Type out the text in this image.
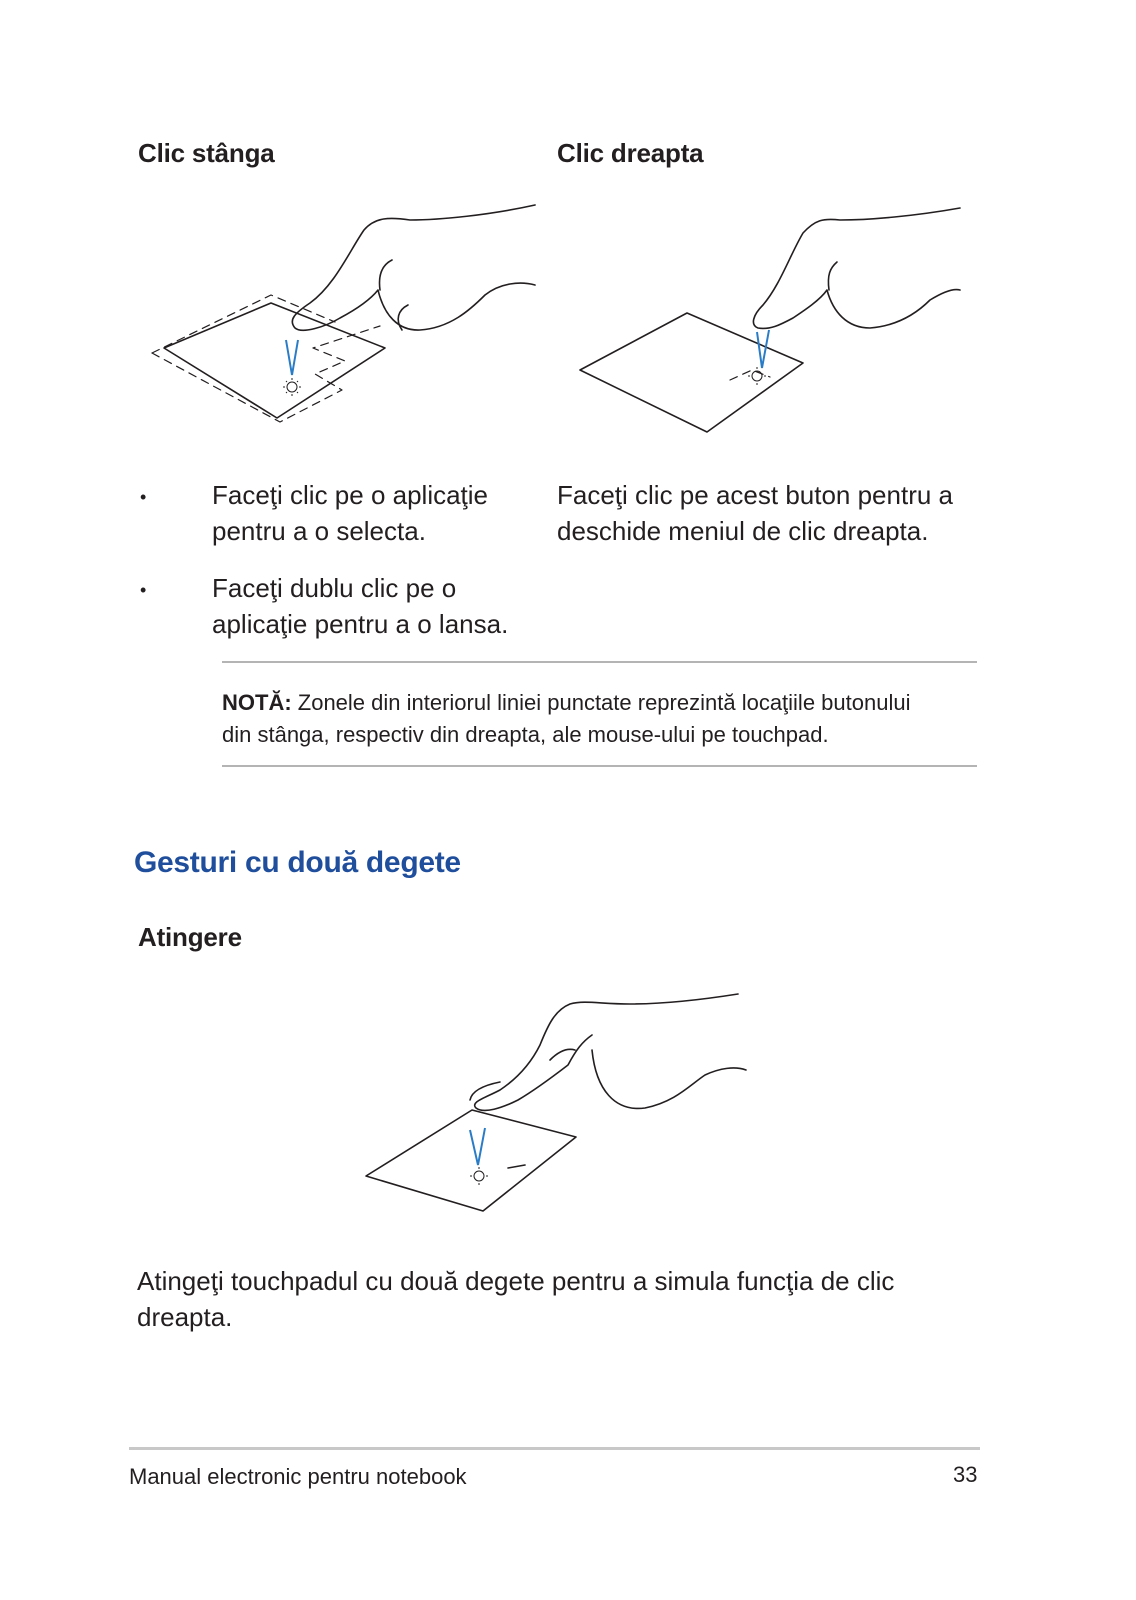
Clic stânga	Clic dreapta
•	Faceţi clic pe o aplicaţie
pentru a o selecta.
•	Faceţi dublu clic pe o
aplicaţie pentru a o lansa.
Faceţi clic pe acest buton pentru a
deschide meniul de clic dreapta.
NOTĂ: Zonele din interiorul liniei punctate reprezintă locaţiile butonului
din stânga, respectiv din dreapta, ale mouse-ului pe touchpad.
Gesturi cu două degete
Atingere
Atingeţi touchpadul cu două degete pentru a simula funcţia de clic
dreapta.
Manual electronic pentru notebook	33
